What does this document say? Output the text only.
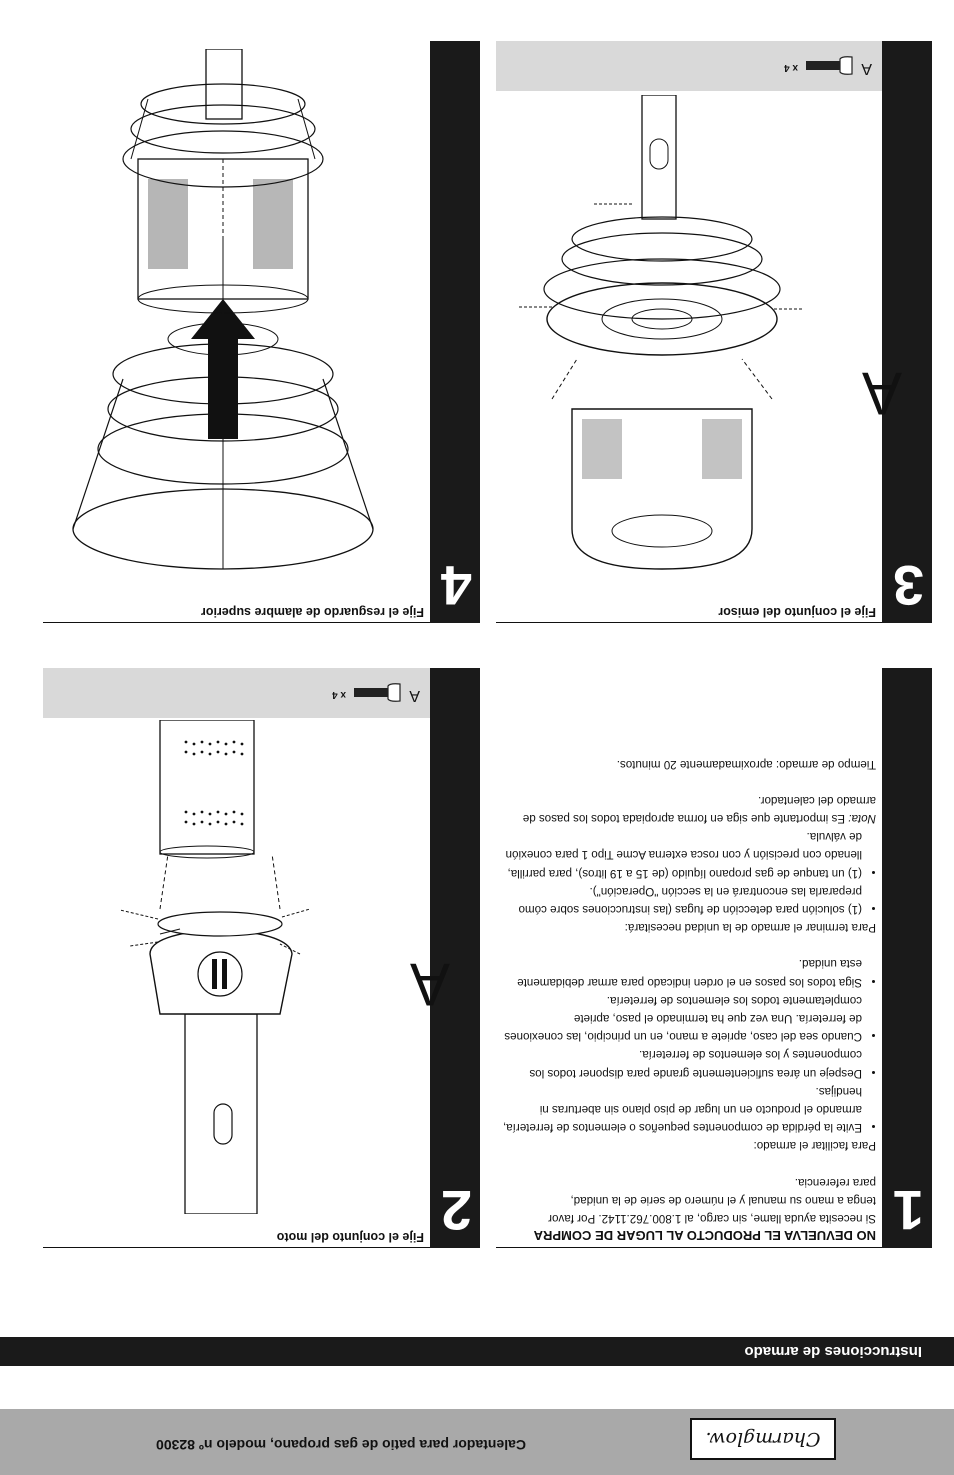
Charmglow.
Calentador para patio de gas propano, modelo nº 82300
Instrucciones de armado
1

NO DEVUELVA EL PRODUCTO AL LUGAR DE COMPRA

Si necesita ayuda llame, sin cargo, al 1.800.762.1142. Por favor

tenga a mano su manual y el número de serie de la unidad,

para referencia.

Para facilitar el armado:

• Evite la pérdida de componentes pequeños o elementos de ferretería, armando el producto en un lugar de piso plano sin aberturas ni hendijas.
• Despeje un área suficientemente grande para disponer todos los componentes y los elementos de ferretería.
• Cuando sea del caso, apriete a mano, en un principio, las conexiones de ferretería. Una vez que ha terminado el paso, apriete completamente todos los elementos de ferretería.
• Siga todos los pasos en el orden indicado para armar debidamente esta unidad.

Para terminar el armado de la unidad necesitará:

• (1) solución para detección de fugas (las instrucciones sobre cómo prepararla las encontrará en la sección "Operación").
• (1) un tanque de gas propano líquido (de 15 a 19 litros), para parrilla, llenado con precisión y con rosca externa Acme Tipo 1 para conexión de válvula.

Nota: Es importante que siga en forma apropiada todos los pasos de armado del calentador.

Tiempo de armado: aproximadamente 20 minutos.

2
Fije el conjunto del moto
A
x 4
A
3
Fije el conjunto del emisor
A
x 4
A
4
Fije el resguardo de alambre superior
